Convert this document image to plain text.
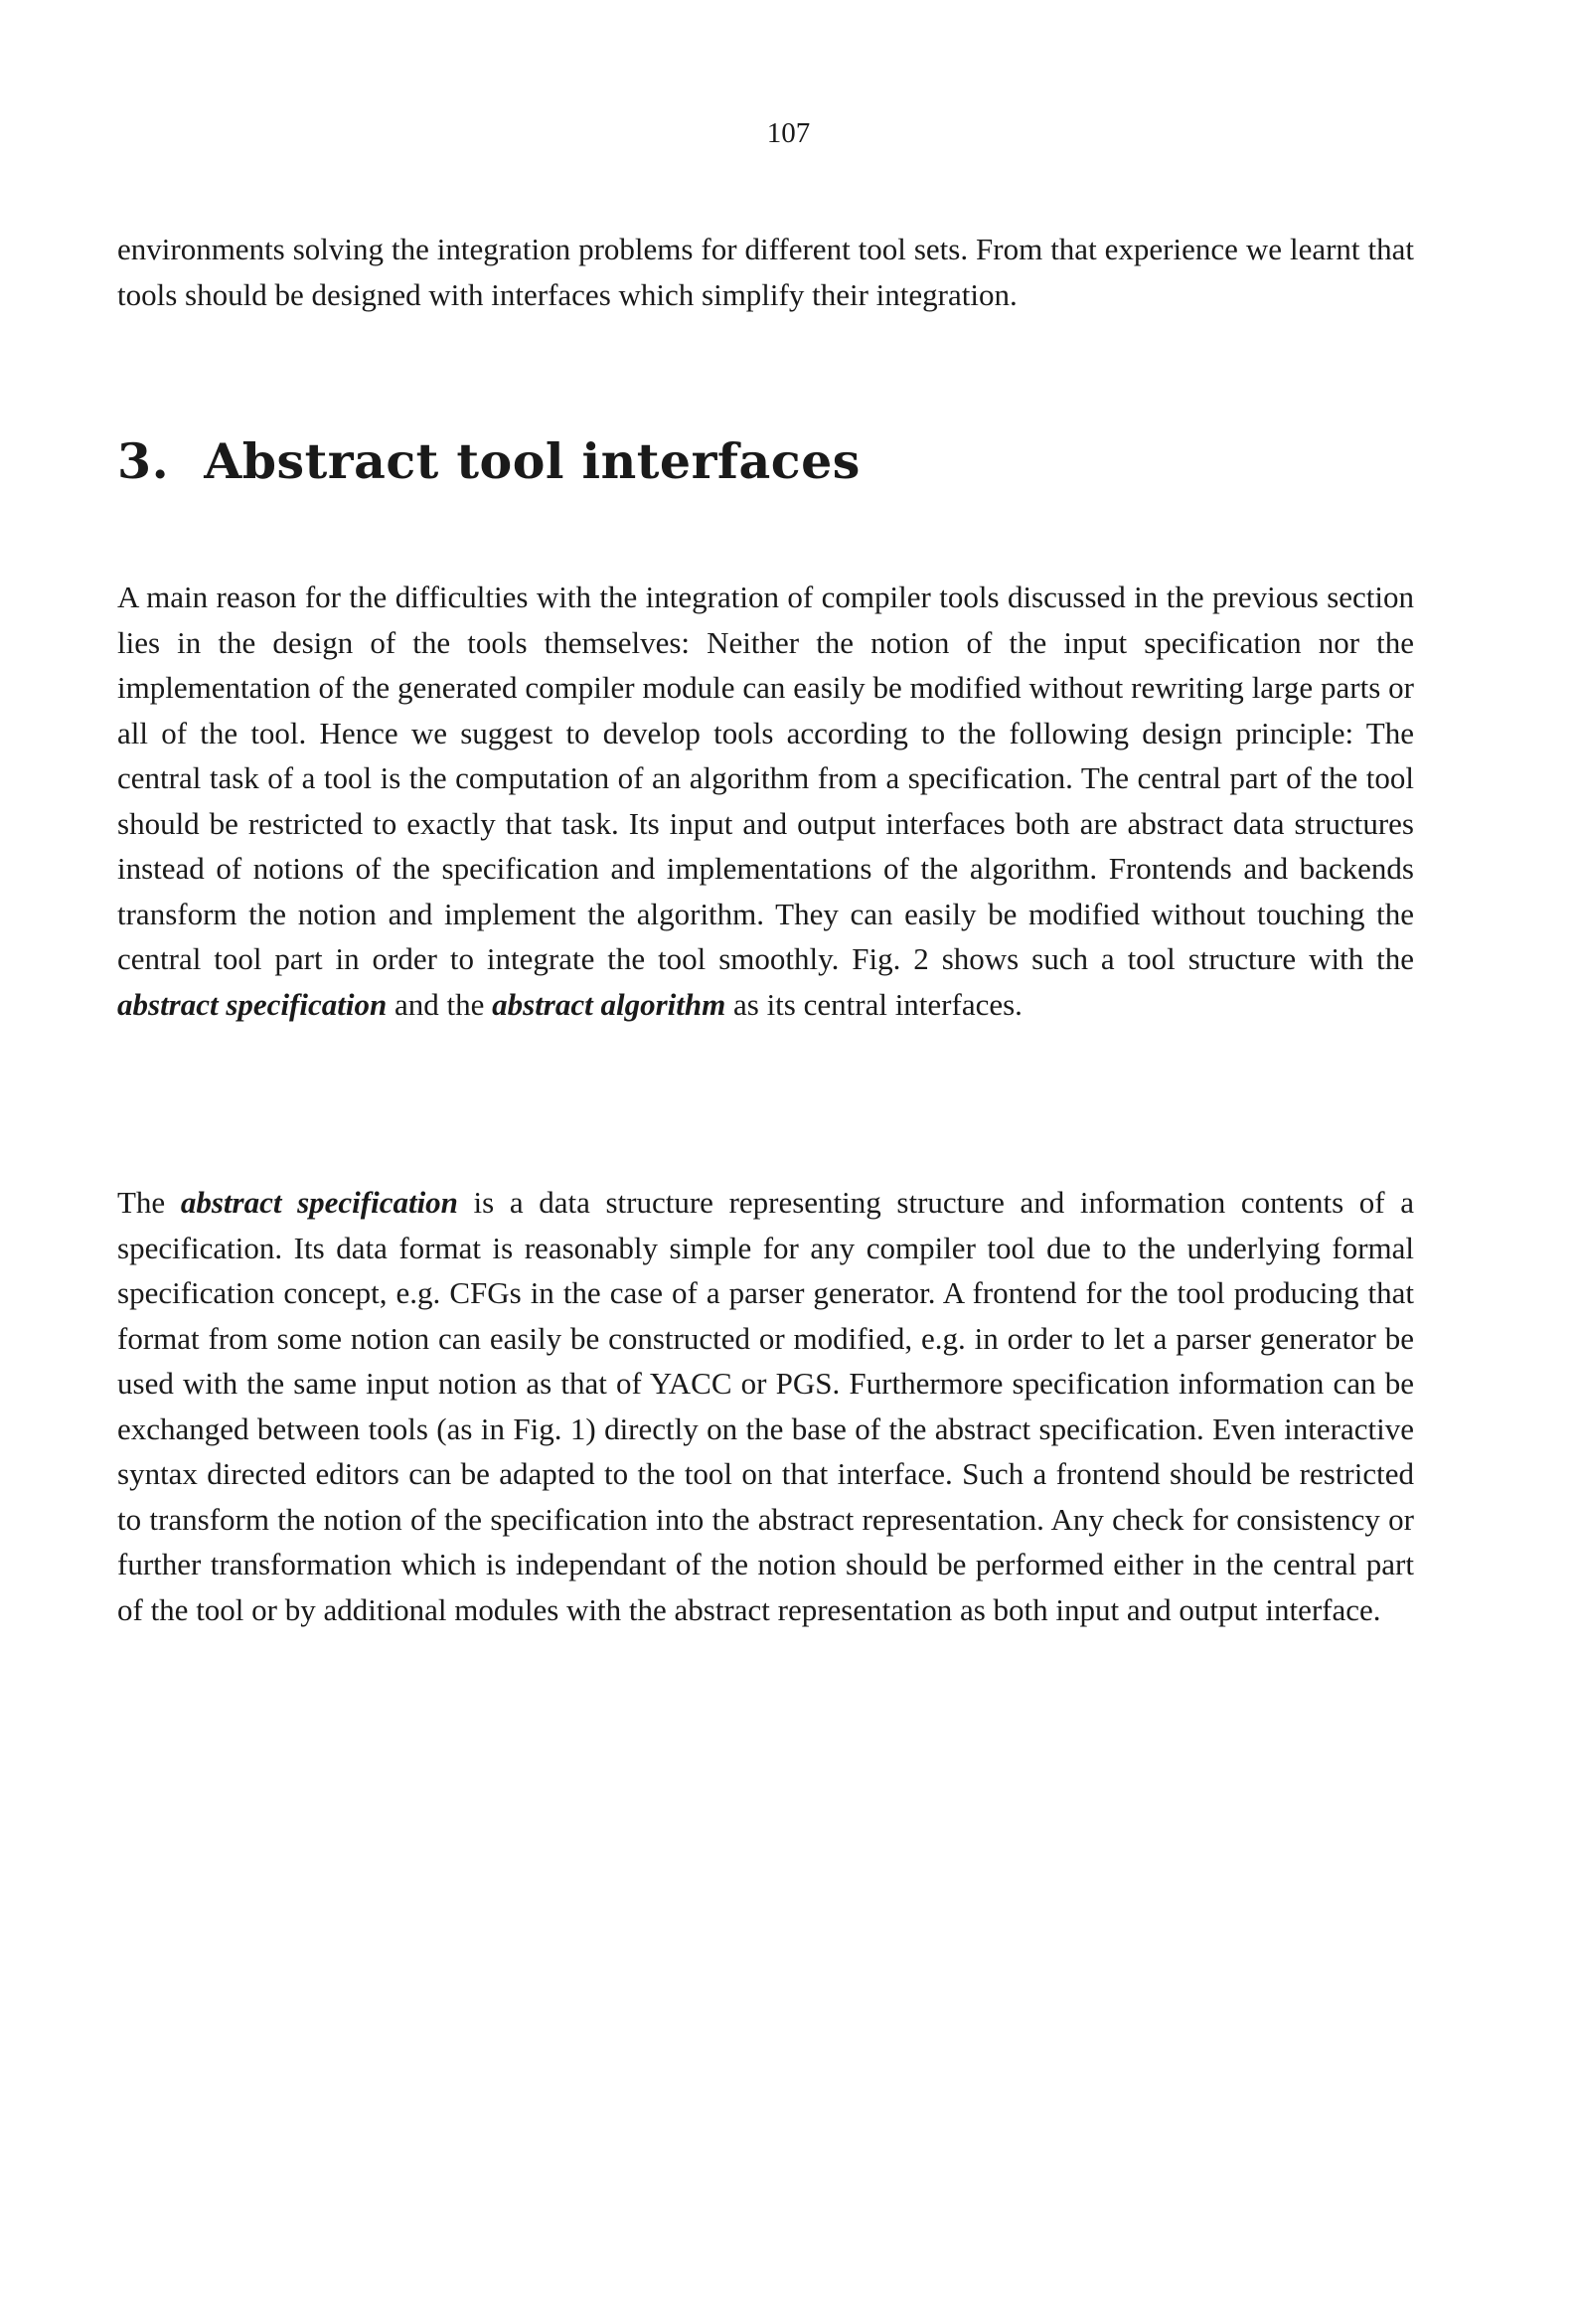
107

environments solving the integration problems for different tool sets. From that experience we learnt that tools should be designed with interfaces which simplify their integration.

3. Abstract tool interfaces

A main reason for the difficulties with the integration of compiler tools discussed in the previous section lies in the design of the tools themselves: Neither the notion of the input specification nor the implementation of the generated compiler module can easily be modified without rewriting large parts or all of the tool. Hence we suggest to develop tools according to the following design principle: The central task of a tool is the computation of an algorithm from a specification. The central part of the tool should be restricted to exactly that task. Its input and output interfaces both are abstract data structures instead of notions of the specification and implementations of the algorithm. Frontends and backends transform the notion and implement the algorithm. They can easily be modified without touching the central tool part in order to integrate the tool smoothly. Fig. 2 shows such a tool structure with the abstract specification and the abstract algorithm as its central interfaces.

The abstract specification is a data structure representing structure and information contents of a specification. Its data format is reasonably simple for any compiler tool due to the underlying formal specification concept, e.g. CFGs in the case of a parser generator. A frontend for the tool producing that format from some notion can easily be constructed or modified, e.g. in order to let a parser generator be used with the same input notion as that of YACC or PGS. Furthermore specification information can be exchanged between tools (as in Fig. 1) directly on the base of the abstract specification. Even interactive syntax directed editors can be adapted to the tool on that interface. Such a frontend should be restricted to transform the notion of the specification into the abstract representation. Any check for consistency or further transformation which is independant of the notion should be performed either in the central part of the tool or by additional modules with the abstract representation as both input and output interface.
